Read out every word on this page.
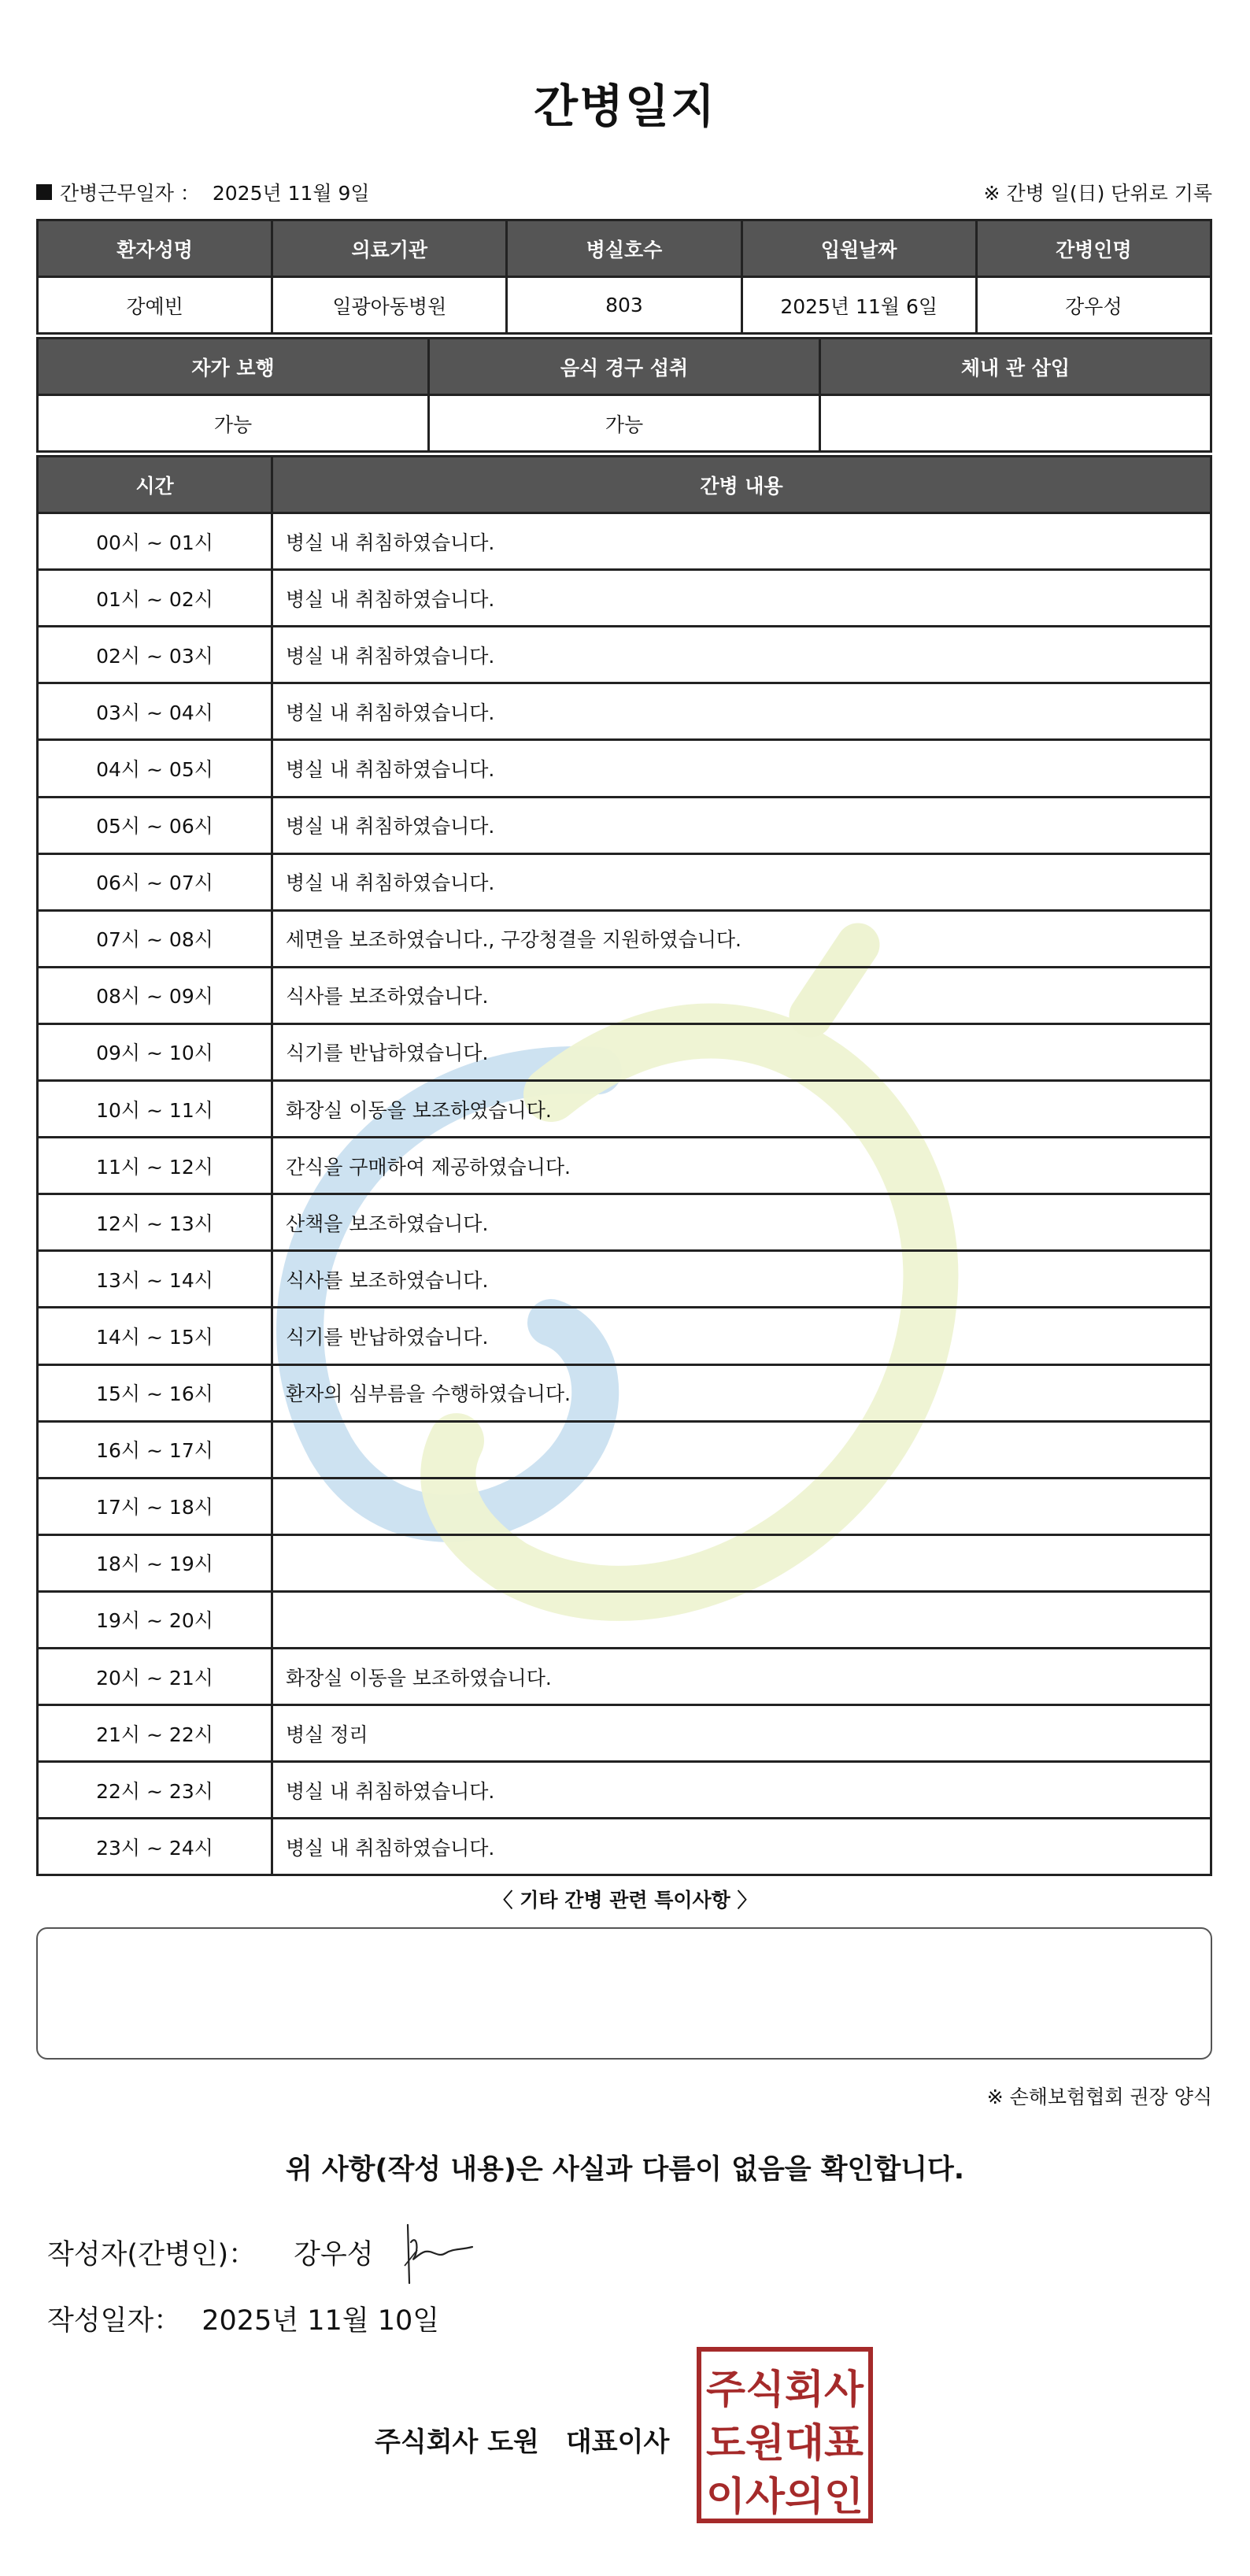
간병일지
간병근무일자 ： 2025년 11월 9일	※ 간병 일(日) 단위로 기록
환자성명	의료기관	병실호수	입원날짜	간병인명
강예빈	일광아동병원	803	2025년 11월 6일	강우성
자가 보행	음식 경구 섭취	체내 관 삽입
가능	가능	
시간	간병 내용
00시 ~ 01시	병실 내 취침하였습니다.
01시 ~ 02시	병실 내 취침하였습니다.
02시 ~ 03시	병실 내 취침하였습니다.
03시 ~ 04시	병실 내 취침하였습니다.
04시 ~ 05시	병실 내 취침하였습니다.
05시 ~ 06시	병실 내 취침하였습니다.
06시 ~ 07시	병실 내 취침하였습니다.
07시 ~ 08시	세면을 보조하였습니다., 구강청결을 지원하였습니다.
08시 ~ 09시	식사를 보조하였습니다.
09시 ~ 10시	식기를 반납하였습니다.
10시 ~ 11시	화장실 이동을 보조하였습니다.
11시 ~ 12시	간식을 구매하여 제공하였습니다.
12시 ~ 13시	산책을 보조하였습니다.
13시 ~ 14시	식사를 보조하였습니다.
14시 ~ 15시	식기를 반납하였습니다.
15시 ~ 16시	환자의 심부름을 수행하였습니다.
16시 ~ 17시	
17시 ~ 18시	
18시 ~ 19시	
19시 ~ 20시	
20시 ~ 21시	화장실 이동을 보조하였습니다.
21시 ~ 22시	병실 정리
22시 ~ 23시	병실 내 취침하였습니다.
23시 ~ 24시	병실 내 취침하였습니다.
〈 기타 간병 관련 특이사항 〉
※ 손해보험협회 권장 양식
위 사항(작성 내용)은 사실과 다름이 없음을 확인합니다.
작성자(간병인)： 강우성
작성일자： 2025년 11월 10일
주식회사 도원 대표이사
주식회사
도원대표
이사의인
